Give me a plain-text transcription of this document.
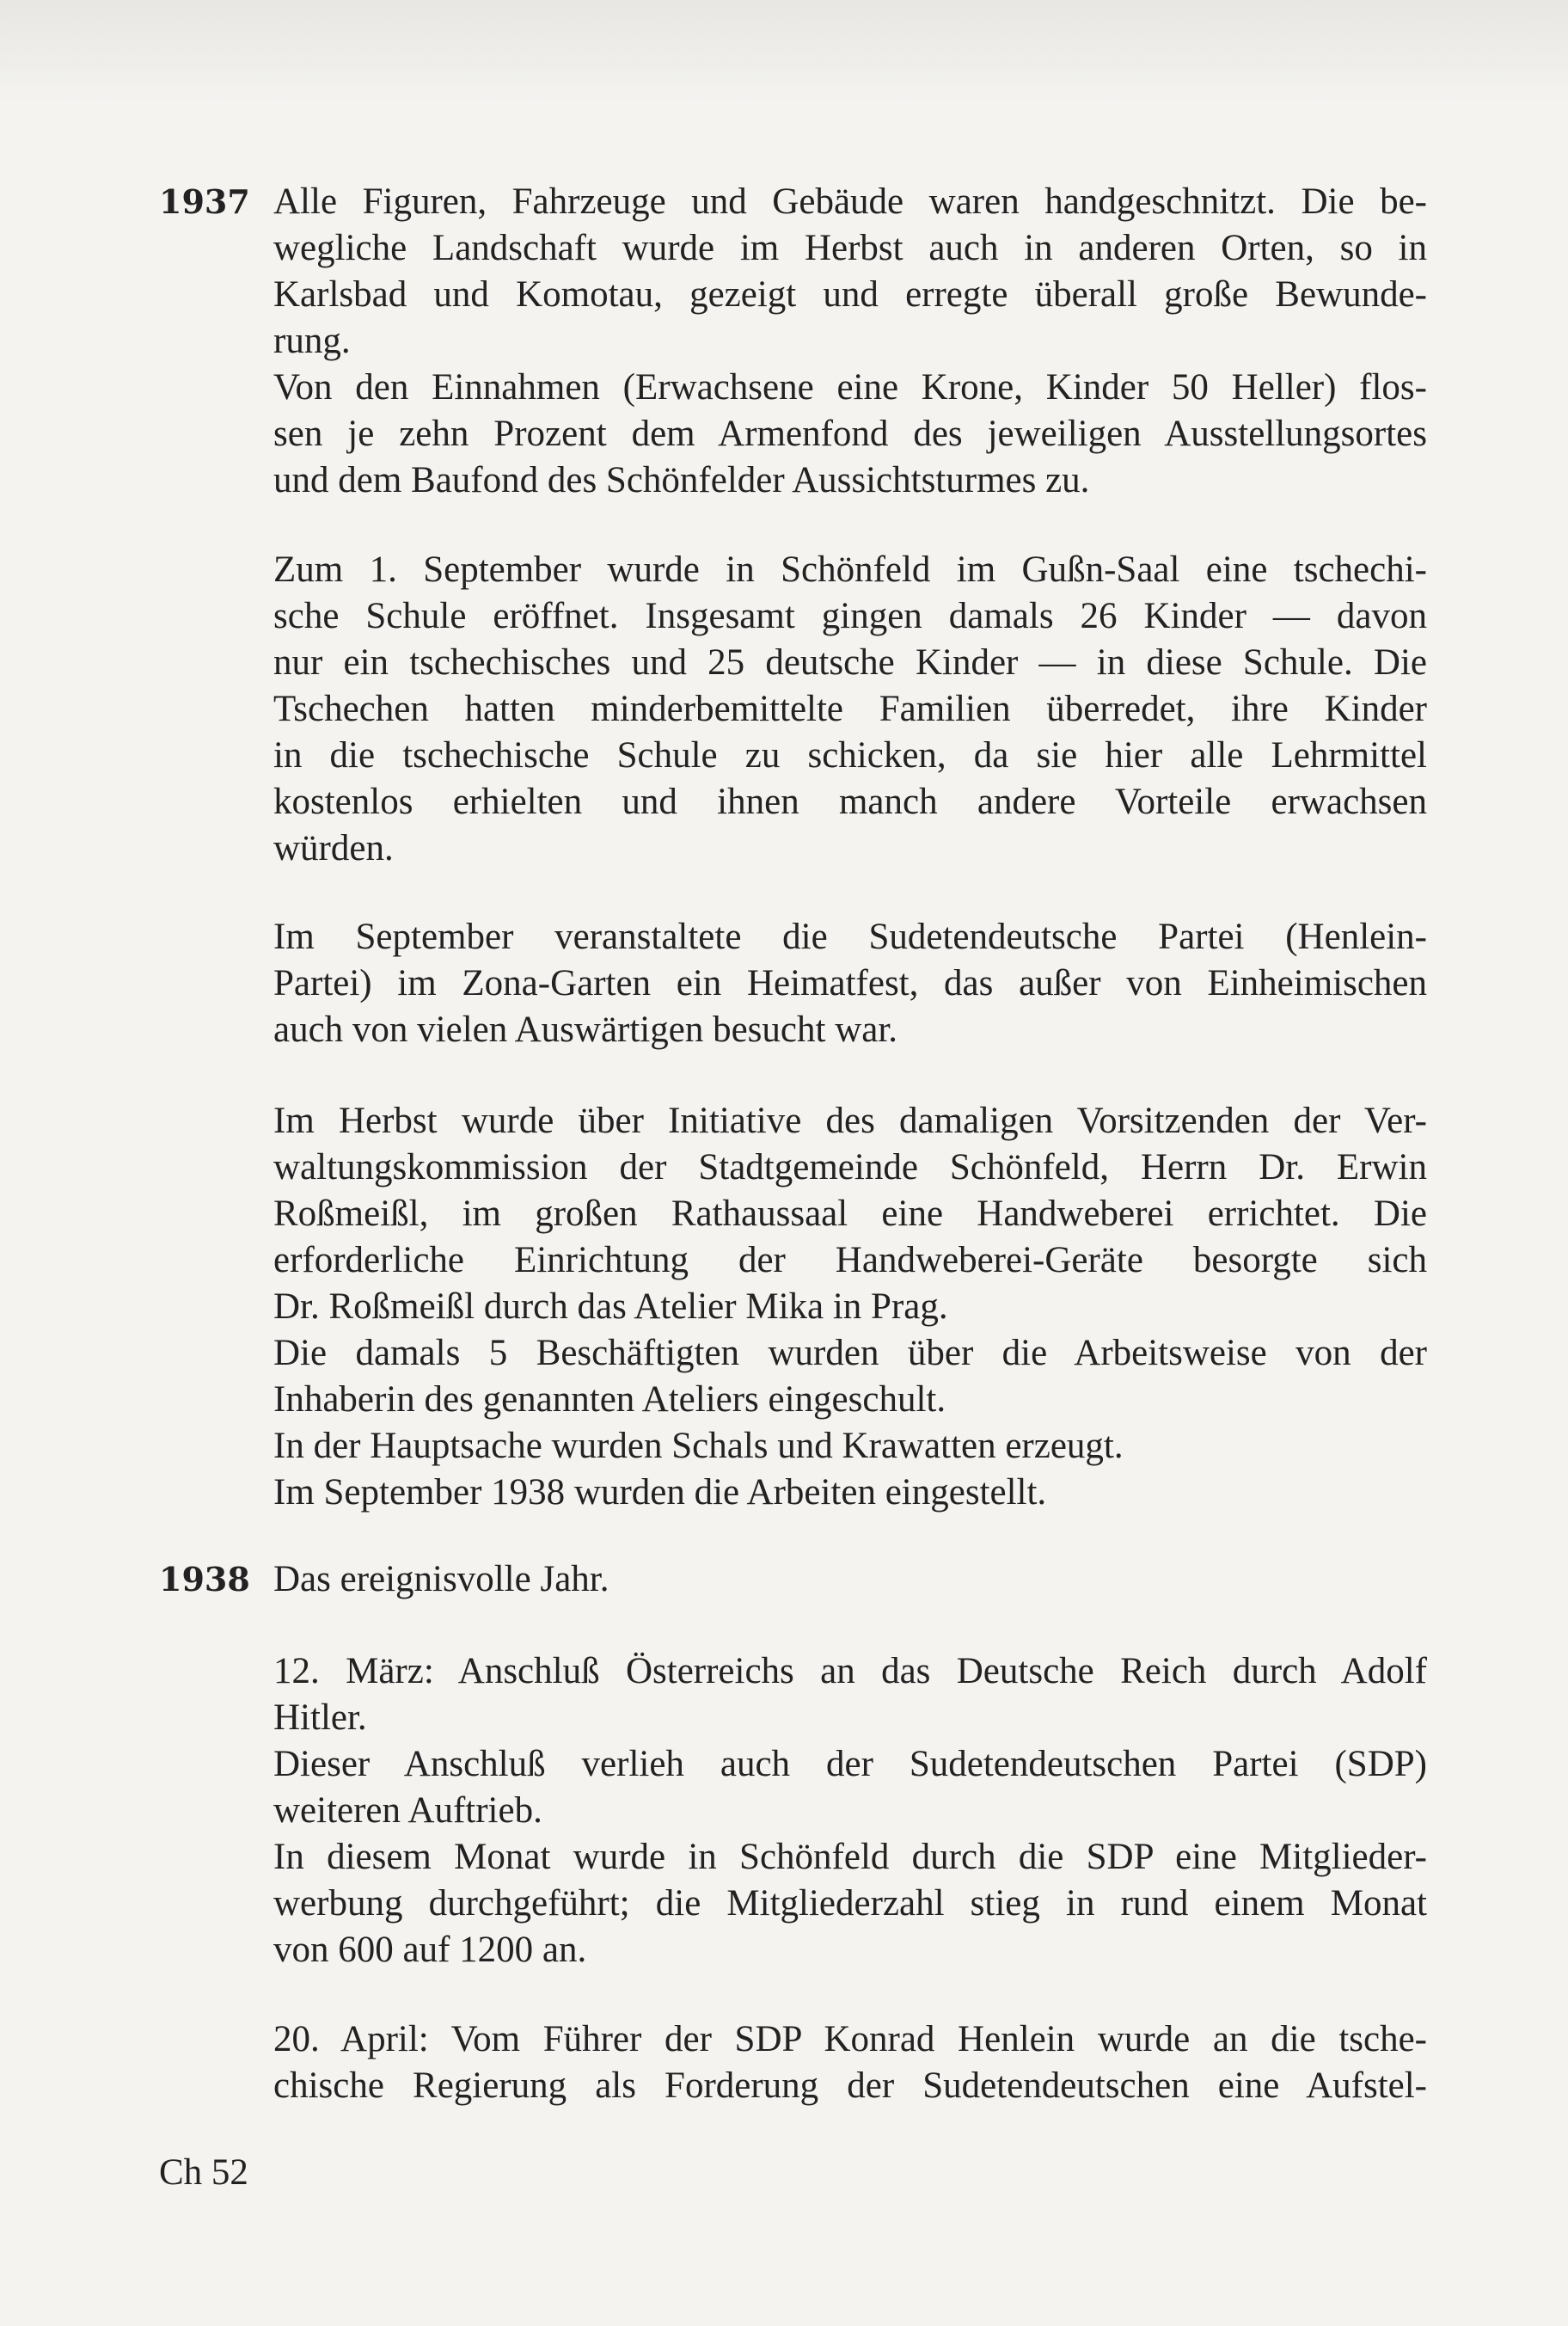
1937 Alle Figuren, Fahrzeuge und Gebäude waren handgeschnitzt. Die be-
wegliche Landschaft wurde im Herbst auch in anderen Orten, so in
Karlsbad und Komotau, gezeigt und erregte überall große Bewunde-
rung.
Von den Einnahmen (Erwachsene eine Krone, Kinder 50 Heller) flos-
sen je zehn Prozent dem Armenfond des jeweiligen Ausstellungsortes
und dem Baufond des Schönfelder Aussichtsturmes zu.
Zum 1. September wurde in Schönfeld im Gußn-Saal eine tschechi-
sche Schule eröffnet. Insgesamt gingen damals 26 Kinder — davon
nur ein tschechisches und 25 deutsche Kinder — in diese Schule. Die
Tschechen hatten minderbemittelte Familien überredet, ihre Kinder
in die tschechische Schule zu schicken, da sie hier alle Lehrmittel
kostenlos erhielten und ihnen manch andere Vorteile erwachsen
würden.
Im September veranstaltete die Sudetendeutsche Partei (Henlein-
Partei) im Zona-Garten ein Heimatfest, das außer von Einheimischen
auch von vielen Auswärtigen besucht war.
Im Herbst wurde über Initiative des damaligen Vorsitzenden der Ver-
waltungskommission der Stadtgemeinde Schönfeld, Herrn Dr. Erwin
Roßmeißl, im großen Rathaussaal eine Handweberei errichtet. Die
erforderliche Einrichtung der Handweberei-Geräte besorgte sich
Dr. Roßmeißl durch das Atelier Mika in Prag.
Die damals 5 Beschäftigten wurden über die Arbeitsweise von der
Inhaberin des genannten Ateliers eingeschult.
In der Hauptsache wurden Schals und Krawatten erzeugt.
Im September 1938 wurden die Arbeiten eingestellt.
1938 Das ereignisvolle Jahr.
12. März: Anschluß Österreichs an das Deutsche Reich durch Adolf
Hitler.
Dieser Anschluß verlieh auch der Sudetendeutschen Partei (SDP)
weiteren Auftrieb.
In diesem Monat wurde in Schönfeld durch die SDP eine Mitglieder-
werbung durchgeführt; die Mitgliederzahl stieg in rund einem Monat
von 600 auf 1200 an.
20. April: Vom Führer der SDP Konrad Henlein wurde an die tsche-
chische Regierung als Forderung der Sudetendeutschen eine Aufstel-
Ch 52
